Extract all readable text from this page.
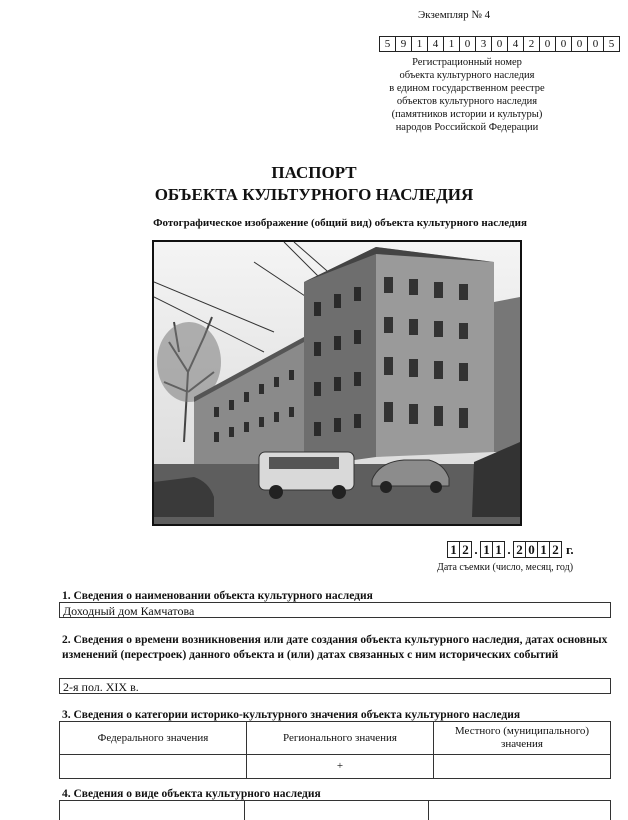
Экземпляр № 4
5 9 1 4 1 0 3 0 4 2 0 0 0 0 5
Регистрационный номер
объекта культурного наследия
в едином государственном реестре
объектов культурного наследия
(памятников истории и культуры)
народов Российской Федерации
ПАСПОРТ
ОБЪЕКТА КУЛЬТУРНОГО НАСЛЕДИЯ
Фотографическое изображение (общий вид) объекта культурного наследия
1 2 . 1 1 . 2 0 1 2 г.
Дата съемки (число, месяц, год)
1. Сведения о наименовании объекта культурного наследия
Доходный дом Камчатова
2. Сведения о времени возникновения или дате создания объекта культурного наследия, датах основных изменений (перестроек) данного объекта и (или) датах связанных с ним исторических событий
2-я пол. XIX в.
3. Сведения о категории историко-культурного значения объекта культурного наследия
Федерального значения	Регионального значения	Местного (муниципального) значения
	+	
4. Сведения о виде объекта культурного наследия
